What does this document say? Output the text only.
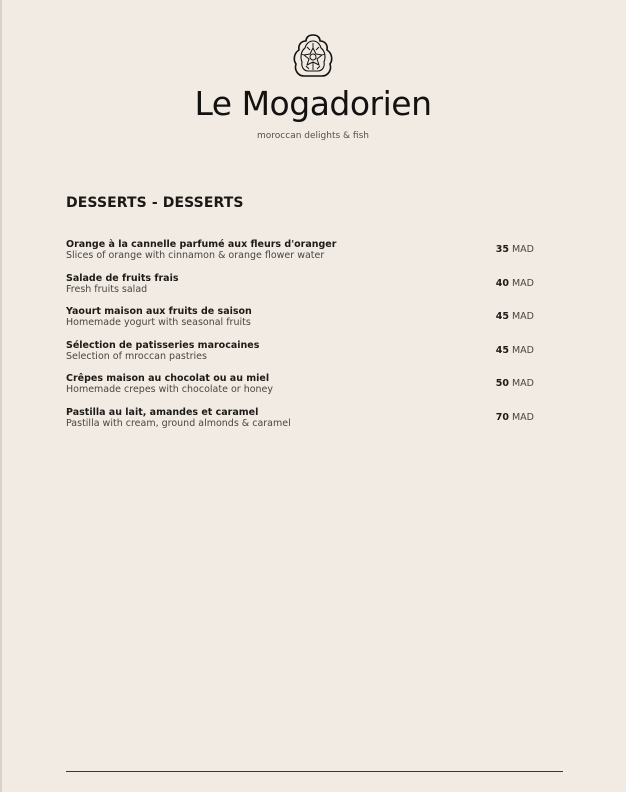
Le Mogadorien
moroccan delights & fish
DESSERTS - DESSERTS
Orange à la cannelle parfumé aux fleurs d'oranger
Slices of orange with cinnamon & orange flower water
35 MAD
Salade de fruits frais
Fresh fruits salad
40 MAD
Yaourt maison aux fruits de saison
Homemade yogurt with seasonal fruits
45 MAD
Sélection de patisseries marocaines
Selection of mroccan pastries
45 MAD
Crêpes maison au chocolat ou au miel
Homemade crepes with chocolate or honey
50 MAD
Pastilla au lait, amandes et caramel
Pastilla with cream, ground almonds & caramel
70 MAD
